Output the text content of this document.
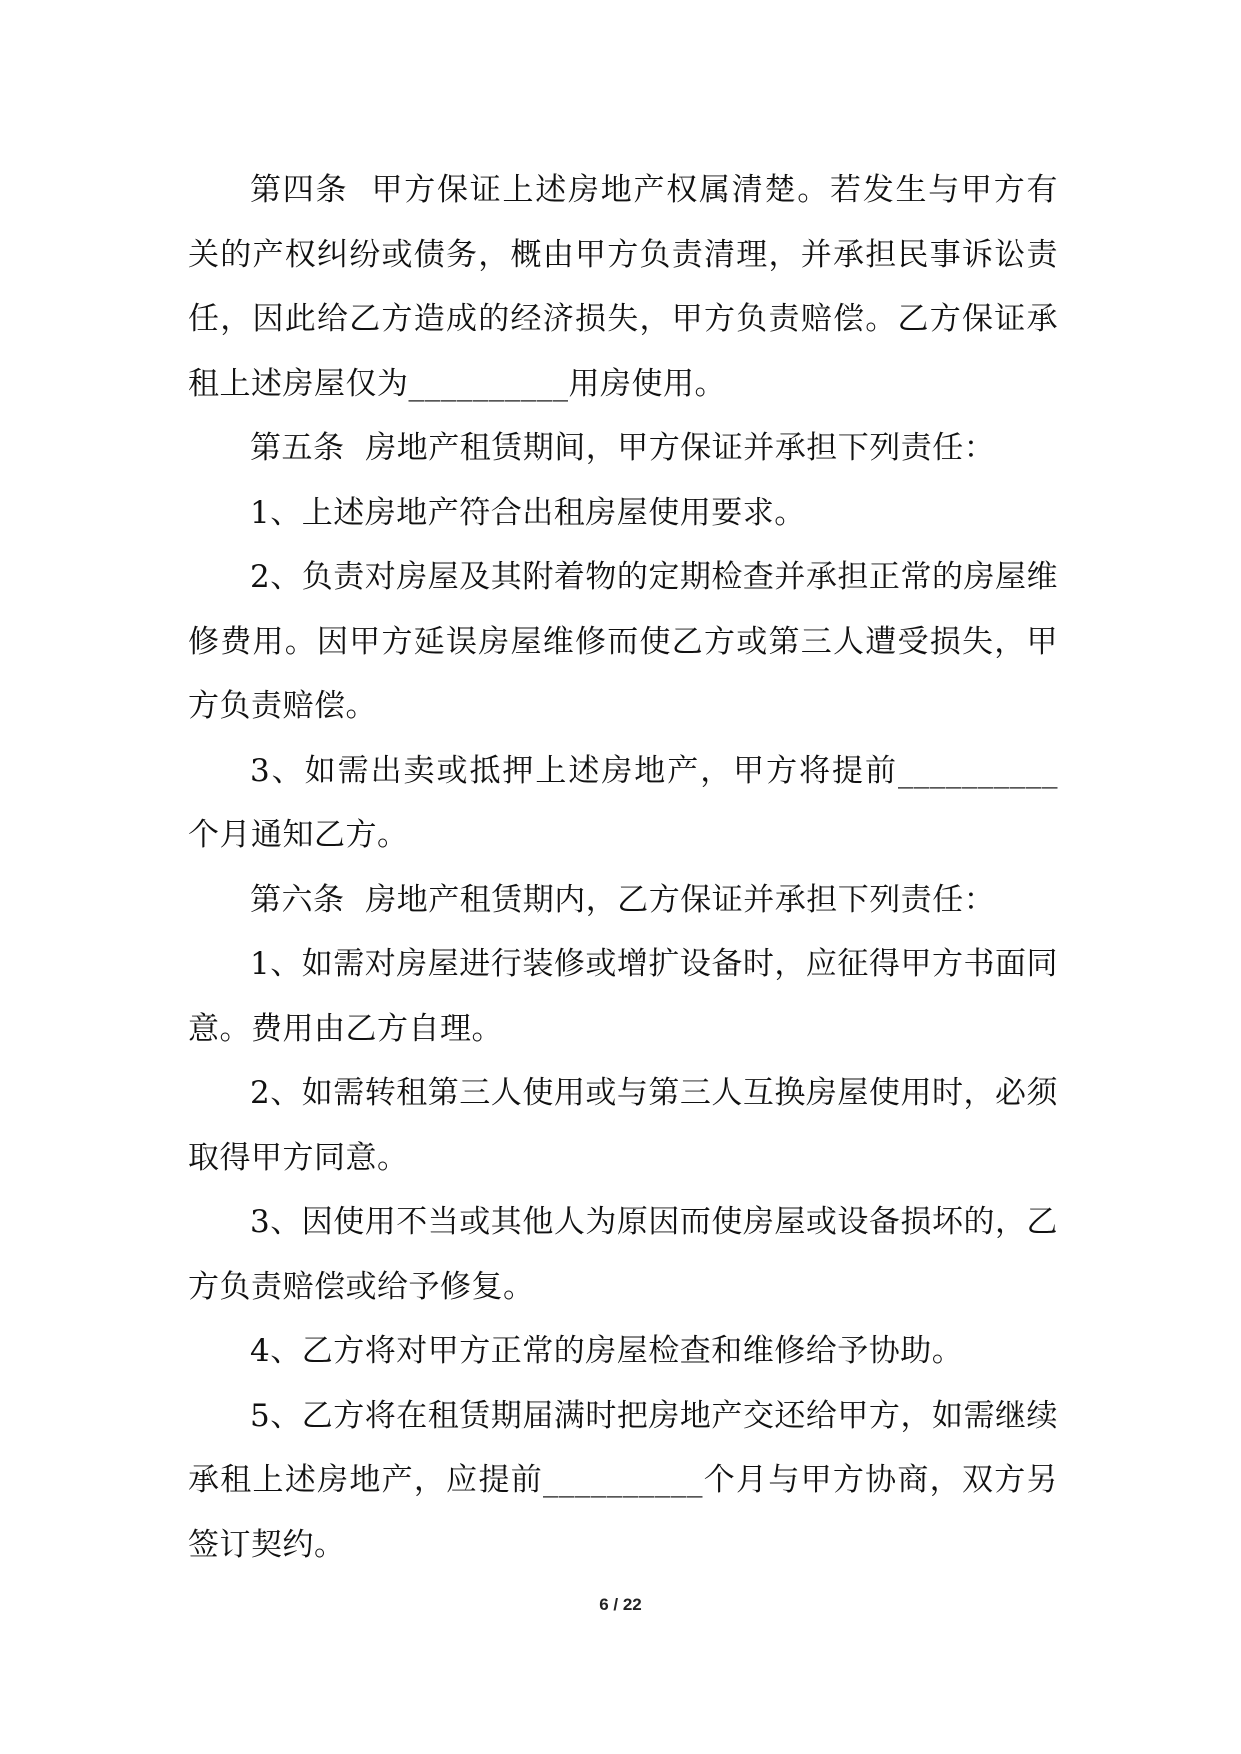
第四条  甲方保证上述房地产权属清楚。若发生与甲方有关的产权纠纷或债务，概由甲方负责清理，并承担民事诉讼责任，因此给乙方造成的经济损失，甲方负责赔偿。乙方保证承租上述房屋仅为__________用房使用。

第五条  房地产租赁期间，甲方保证并承担下列责任：

1、上述房地产符合出租房屋使用要求。

2、负责对房屋及其附着物的定期检查并承担正常的房屋维修费用。因甲方延误房屋维修而使乙方或第三人遭受损失，甲方负责赔偿。

3、如需出卖或抵押上述房地产，甲方将提前__________个月通知乙方。

第六条  房地产租赁期内，乙方保证并承担下列责任：

1、如需对房屋进行装修或增扩设备时，应征得甲方书面同意。费用由乙方自理。

2、如需转租第三人使用或与第三人互换房屋使用时，必须取得甲方同意。

3、因使用不当或其他人为原因而使房屋或设备损坏的，乙方负责赔偿或给予修复。

4、乙方将对甲方正常的房屋检查和维修给予协助。

5、乙方将在租赁期届满时把房地产交还给甲方，如需继续承租上述房地产，应提前__________个月与甲方协商，双方另签订契约。

6 / 22
